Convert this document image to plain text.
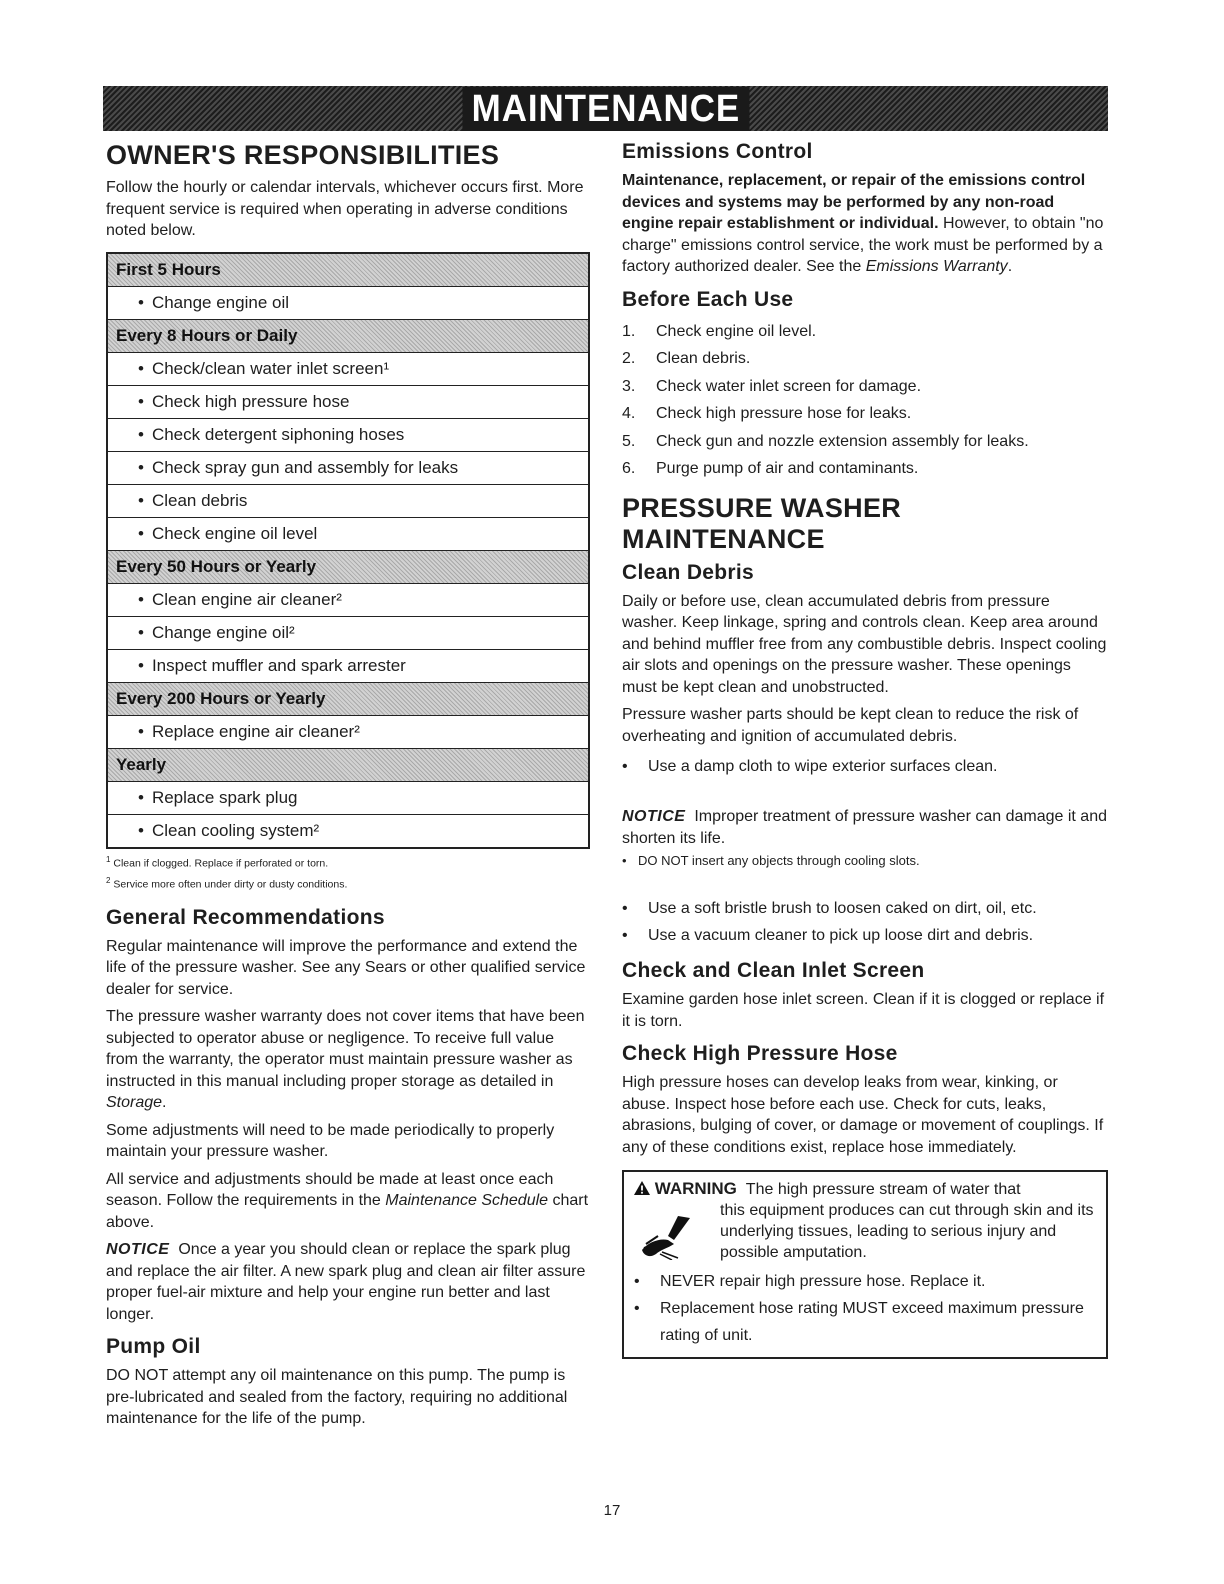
MAINTENANCE
OWNER'S RESPONSIBILITIES

Follow the hourly or calendar intervals, whichever occurs first. More frequent service is required when operating in adverse conditions noted below.

First 5 Hours
• Change engine oil
Every 8 Hours or Daily
• Check/clean water inlet screen¹
• Check high pressure hose
• Check detergent siphoning hoses
• Check spray gun and assembly for leaks
• Clean debris
• Check engine oil level
Every 50 Hours or Yearly
• Clean engine air cleaner²
• Change engine oil²
• Inspect muffler and spark arrester
Every 200 Hours or Yearly
• Replace engine air cleaner²
Yearly
• Replace spark plug
• Clean cooling system²
$^1$ Clean if clogged. Replace if perforated or torn.
$^2$ Service more often under dirty or dusty conditions.
General Recommendations

Regular maintenance will improve the performance and extend the life of the pressure washer. See any Sears or other qualified service dealer for service.

The pressure washer warranty does not cover items that have been subjected to operator abuse or negligence. To receive full value from the warranty, the operator must maintain pressure washer as instructed in this manual including proper storage as detailed in Storage.

Some adjustments will need to be made periodically to properly maintain your pressure washer.

All service and adjustments should be made at least once each season. Follow the requirements in the Maintenance Schedule chart above.

NOTICE Once a year you should clean or replace the spark plug and replace the air filter. A new spark plug and clean air filter assure proper fuel-air mixture and help your engine run better and last longer.

Pump Oil

DO NOT attempt any oil maintenance on this pump. The pump is pre-lubricated and sealed from the factory, requiring no additional maintenance for the life of the pump.

Emissions Control

Maintenance, replacement, or repair of the emissions control devices and systems may be performed by any non-road engine repair establishment or individual. However, to obtain "no charge" emissions control service, the work must be performed by a factory authorized dealer. See the Emissions Warranty.

Before Each Use
1. Check engine oil level.
2. Clean debris.
3. Check water inlet screen for damage.
4. Check high pressure hose for leaks.
5. Check gun and nozzle extension assembly for leaks.
6. Purge pump of air and contaminants.
PRESSURE WASHER MAINTENANCE
Clean Debris

Daily or before use, clean accumulated debris from pressure washer. Keep linkage, spring and controls clean. Keep area around and behind muffler free from any combustible debris. Inspect cooling air slots and openings on the pressure washer. These openings must be kept clean and unobstructed.

Pressure washer parts should be kept clean to reduce the risk of overheating and ignition of accumulated debris.

• Use a damp cloth to wipe exterior surfaces clean.

NOTICE Improper treatment of pressure washer can damage it and shorten its life.

• DO NOT insert any objects through cooling slots.
• Use a soft bristle brush to loosen caked on dirt, oil, etc.
• Use a vacuum cleaner to pick up loose dirt and debris.
Check and Clean Inlet Screen

Examine garden hose inlet screen. Clean if it is clogged or replace if it is torn.

Check High Pressure Hose

High pressure hoses can develop leaks from wear, kinking, or abuse. Inspect hose before each use. Check for cuts, leaks, abrasions, bulging of cover, or damage or movement of couplings. If any of these conditions exist, replace hose immediately.

WARNING The high pressure stream of water that
this equipment produces can cut through skin and its underlying tissues, leading to serious injury and possible amputation.
• NEVER repair high pressure hose. Replace it.
• Replacement hose rating MUST exceed maximum pressure rating of unit.
17
